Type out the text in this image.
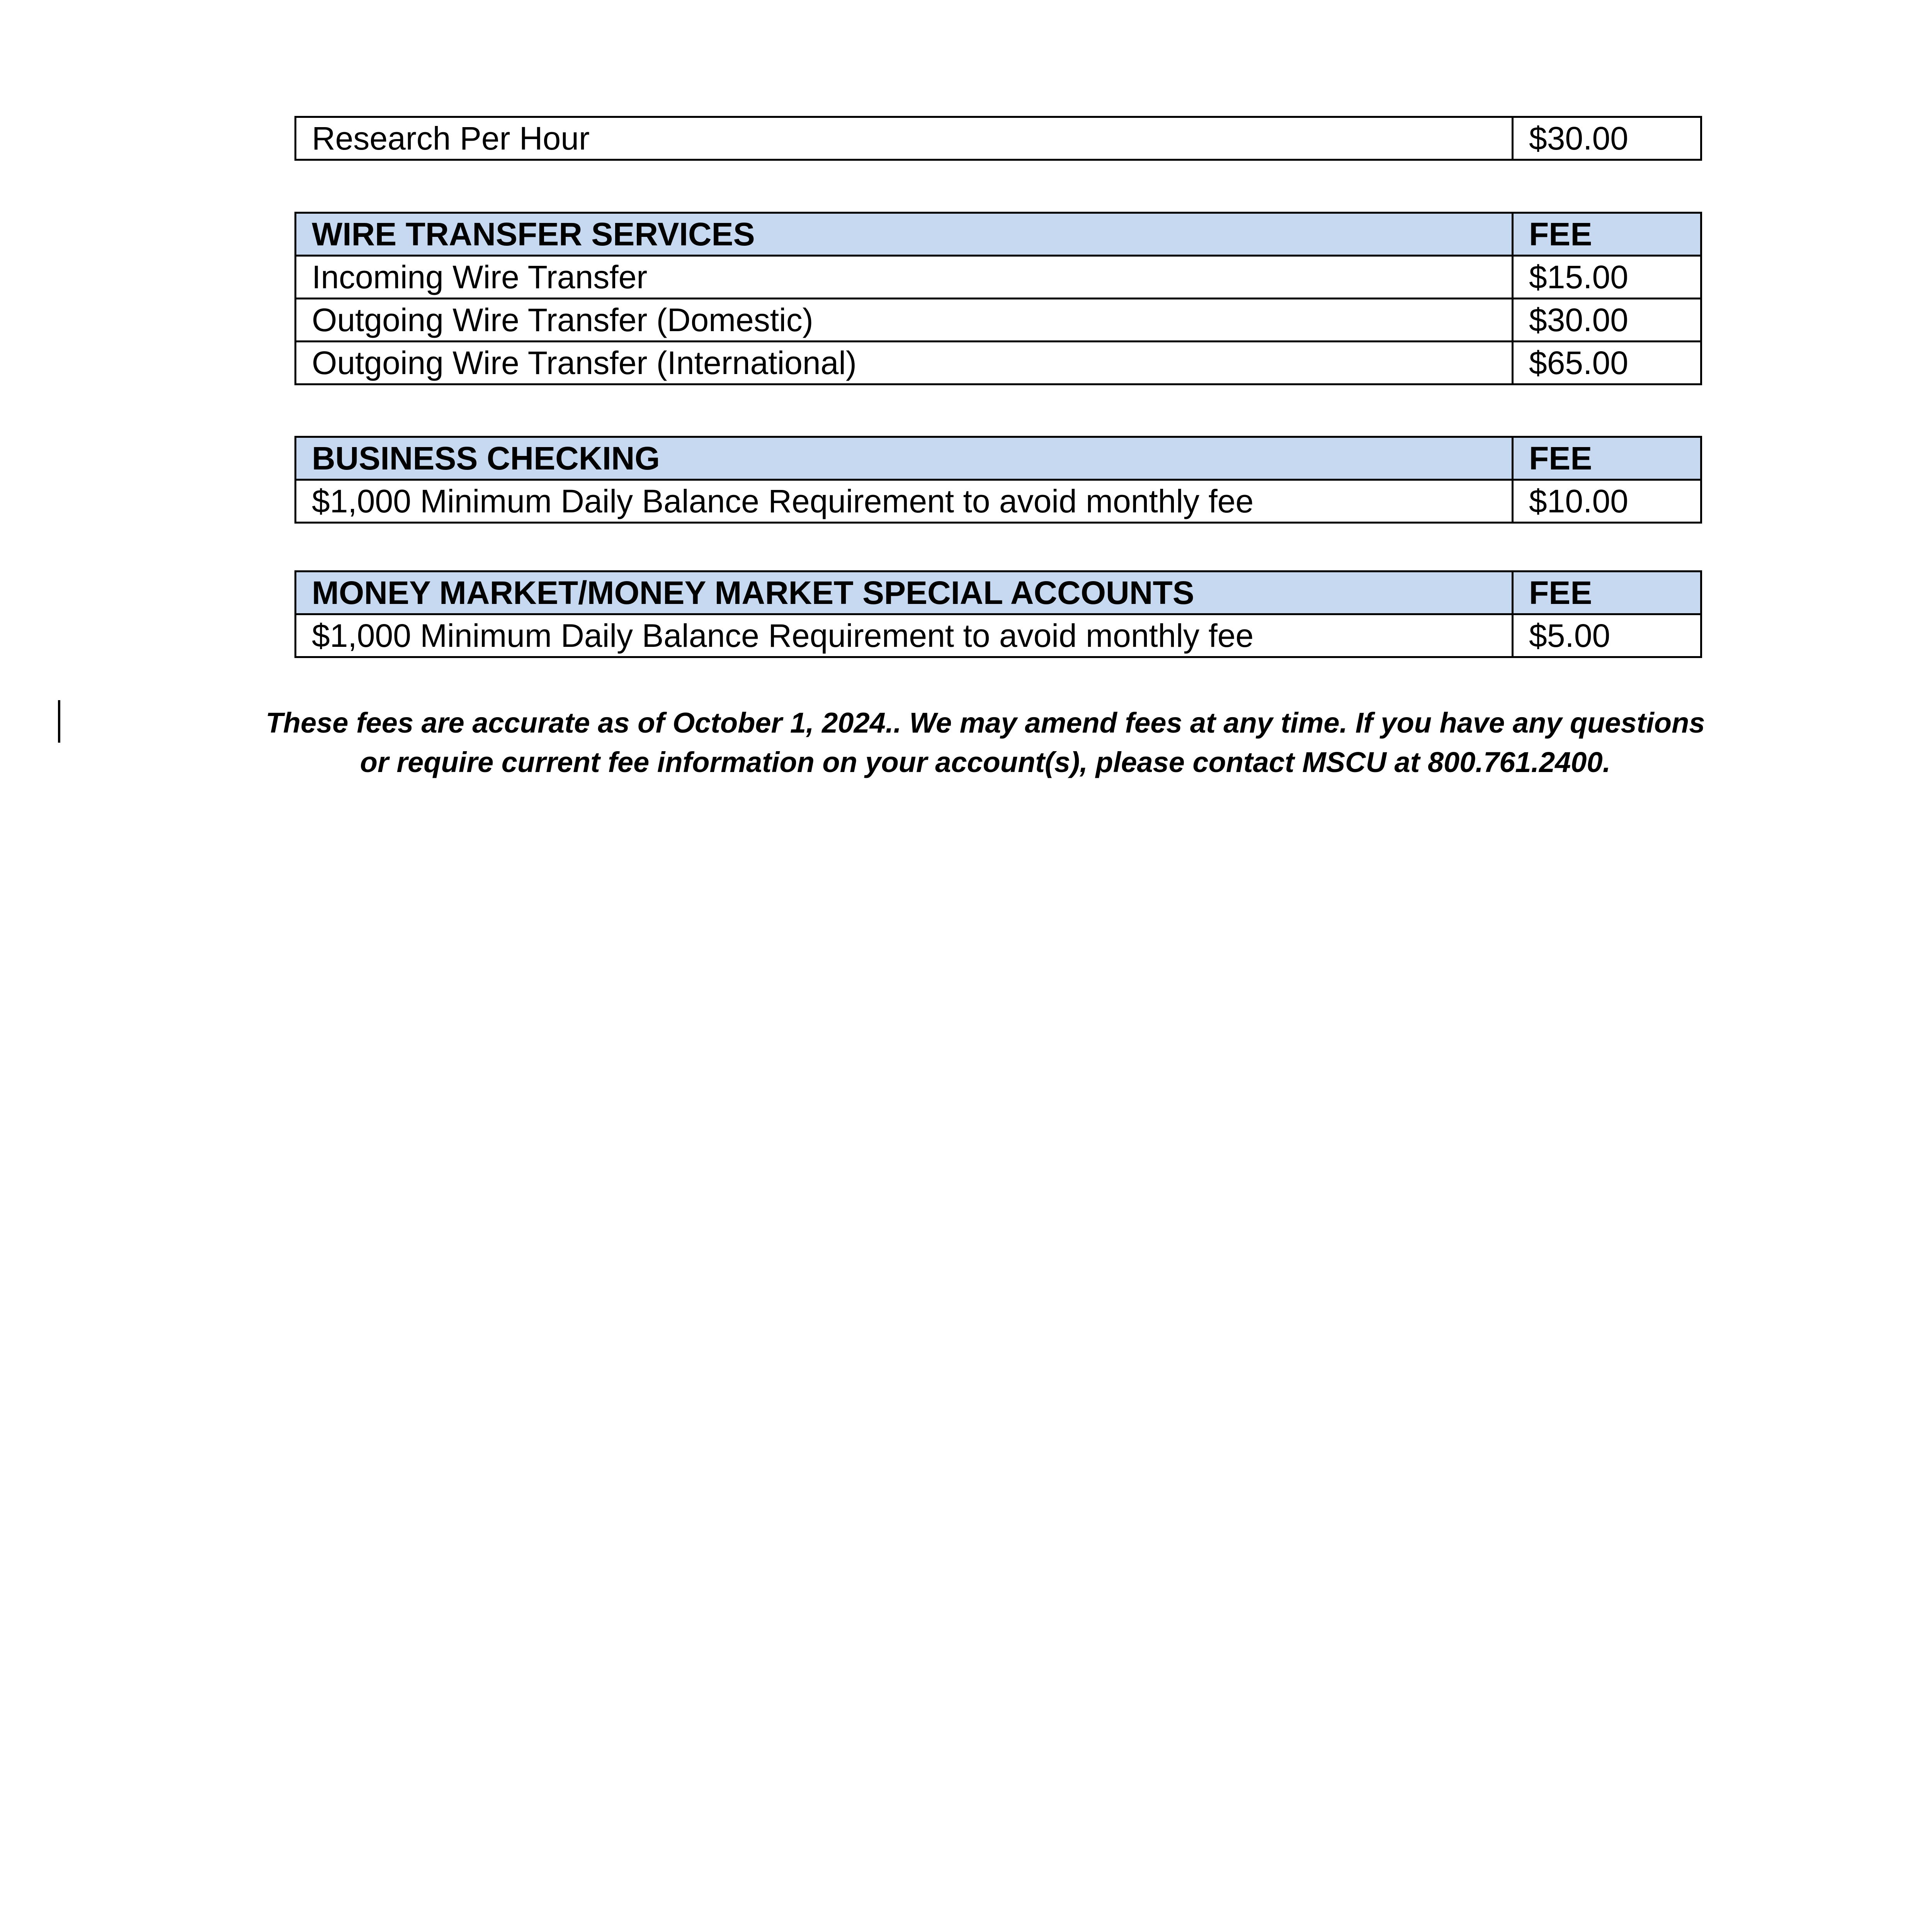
Research Per Hour	$30.00
WIRE TRANSFER SERVICES	FEE
Incoming Wire Transfer	$15.00
Outgoing Wire Transfer (Domestic)	$30.00
Outgoing Wire Transfer (International)	$65.00
BUSINESS CHECKING	FEE
$1,000 Minimum Daily Balance Requirement to avoid monthly fee	$10.00
MONEY MARKET/MONEY MARKET SPECIAL ACCOUNTS	FEE
$1,000 Minimum Daily Balance Requirement to avoid monthly fee	$5.00
These fees are accurate as of October 1, 2024.. We may amend fees at any time. If you have any questions
or require current fee information on your account(s), please contact MSCU at 800.761.2400.
